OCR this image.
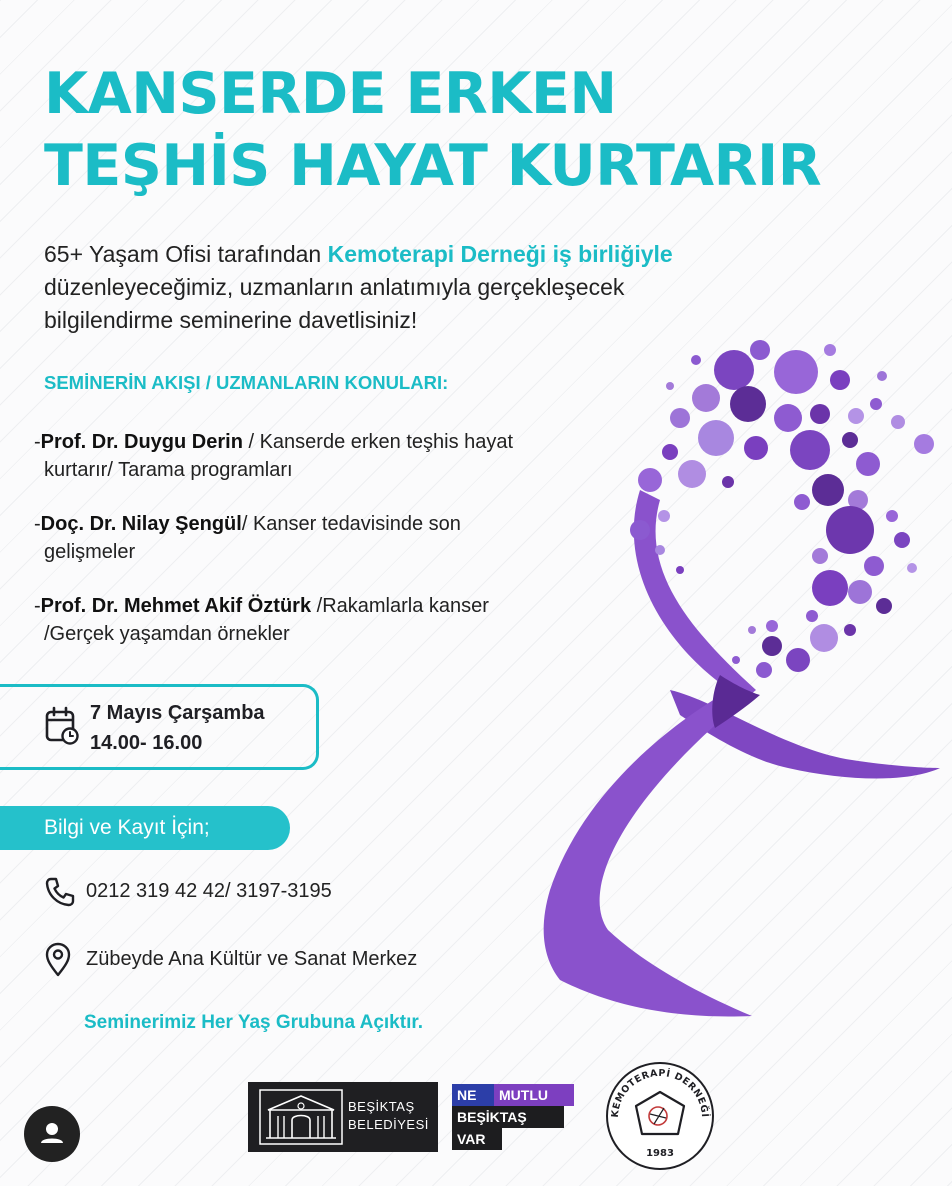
KANSERDE ERKEN
TEŞHİS HAYAT KURTARIR
65+ Yaşam Ofisi tarafından Kemoterapi Derneği iş birliğiyle
düzenleyeceğimiz, uzmanların anlatımıyla gerçekleşecek
bilgilendirme seminerine davetlisiniz!
SEMİNERİN AKIŞI / UZMANLARIN KONULARI:
-Prof. Dr. Duygu Derin / Kanserde erken teşhis hayat
kurtarır/ Tarama programları
-Doç. Dr. Nilay Şengül/ Kanser tedavisinde son
gelişmeler
-Prof. Dr. Mehmet Akif Öztürk /Rakamlarla kanser
/Gerçek yaşamdan örnekler
7 Mayıs Çarşamba
14.00- 16.00
Bilgi ve Kayıt İçin;
0212 319 42 42/ 3197-3195
Zübeyde Ana Kültür ve Sanat Merkez
Seminerimiz Her Yaş Grubuna Açıktır.
BEŞİKTAŞ
BELEDİYESİ
NE	MUTLU
BEŞİKTAŞ
VAR
KEMOTERAPİ DERNEĞİ
1983
